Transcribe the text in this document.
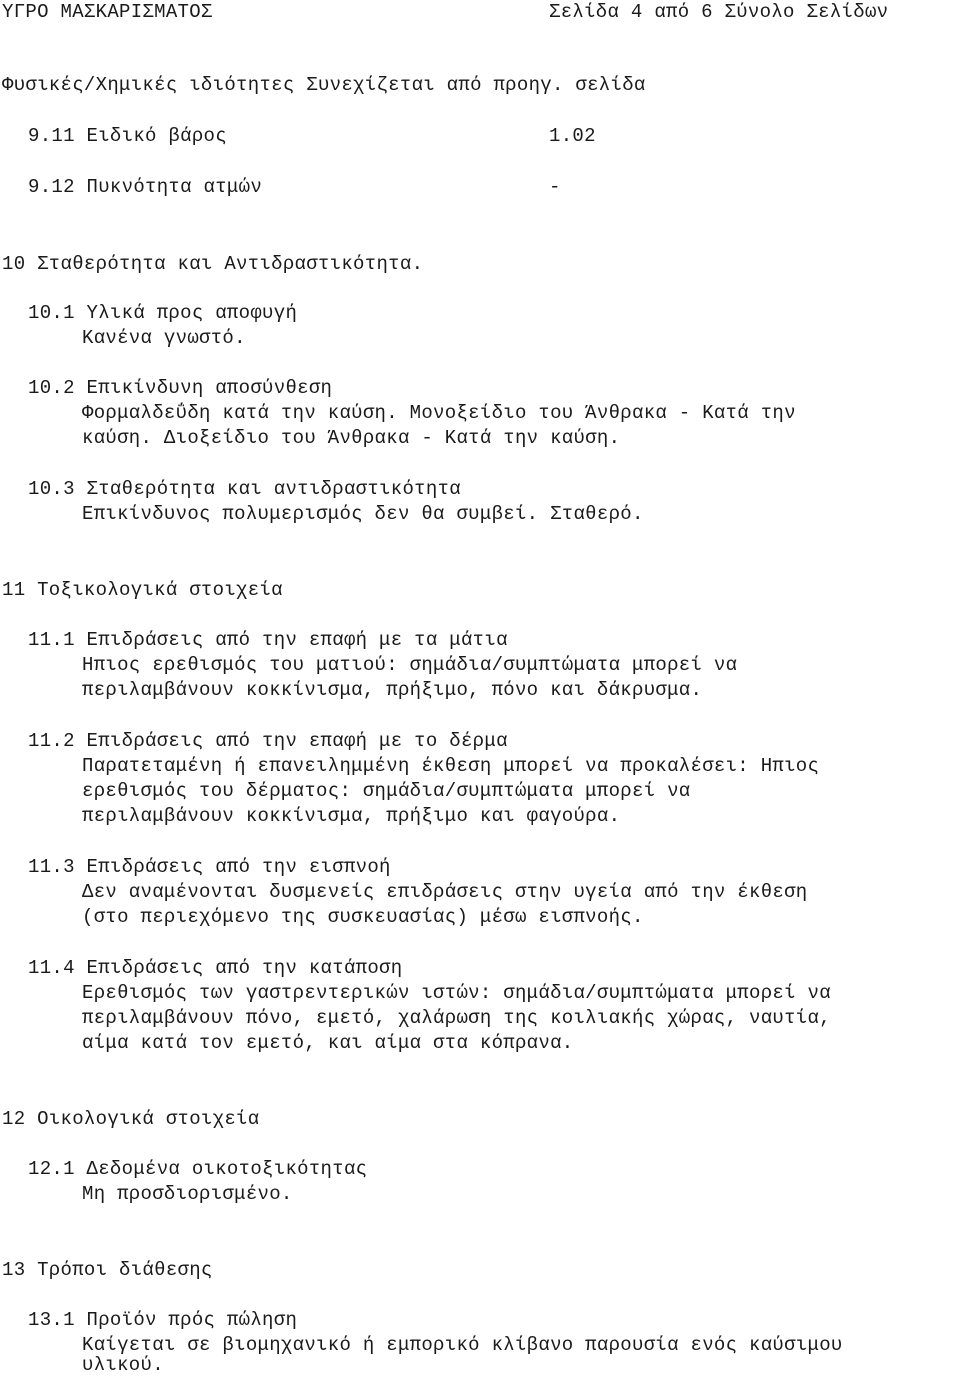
ΥΓΡΟ ΜΑΣΚΑΡΙΣΜΑΤΟΣ	Σελίδα 4 από 6 Σύνολο Σελίδων
-----
Φυσικές/Χημικές ιδιότητες Συνεχίζεται από προηγ. σελίδα
9.11 Ειδικό βάρος	1.02
9.12 Πυκνότητα ατμών	-
-----
10 Σταθερότητα και Αντιδραστικότητα.
10.1 Υλικά προς αποφυγή
Κανένα γνωστό.
10.2 Επικίνδυνη αποσύνθεση
Φορμαλδεΰδη κατά την καύση. Μονοξείδιο του Άνθρακα - Κατά την
καύση. Διοξείδιο του Άνθρακα - Κατά την καύση.
10.3 Σταθερότητα και αντιδραστικότητα
Επικίνδυνος πολυμερισμός δεν θα συμβεί. Σταθερό.
-----
11 Τοξικολογικά στοιχεία
11.1 Επιδράσεις από την επαφή με τα μάτια
Ηπιος ερεθισμός του ματιού: σημάδια/συμπτώματα μπορεί να
περιλαμβάνουν κοκκίνισμα, πρήξιμο, πόνο και δάκρυσμα.
11.2 Επιδράσεις από την επαφή με το δέρμα
Παρατεταμένη ή επανειλημμένη έκθεση μπορεί να προκαλέσει: Ηπιος
ερεθισμός του δέρματος: σημάδια/συμπτώματα μπορεί να
περιλαμβάνουν κοκκίνισμα, πρήξιμο και φαγούρα.
11.3 Επιδράσεις από την εισπνοή
Δεν αναμένονται δυσμενείς επιδράσεις στην υγεία από την έκθεση
(στο περιεχόμενο της συσκευασίας) μέσω εισπνοής.
11.4 Επιδράσεις από την κατάποση
Ερεθισμός των γαστρεντερικών ιστών: σημάδια/συμπτώματα μπορεί να
περιλαμβάνουν πόνο, εμετό, χαλάρωση της κοιλιακής χώρας, ναυτία,
αίμα κατά τον εμετό, και αίμα στα κόπρανα.
-----
12 Οικολογικά στοιχεία
12.1 Δεδομένα οικοτοξικότητας
Μη προσδιορισμένο.
-----
13 Τρόποι διάθεσης
13.1 Προϊόν πρός πώληση
Καίγεται σε βιομηχανικό ή εμπορικό κλίβανο παρουσία ενός καύσιμου
υλικού.
